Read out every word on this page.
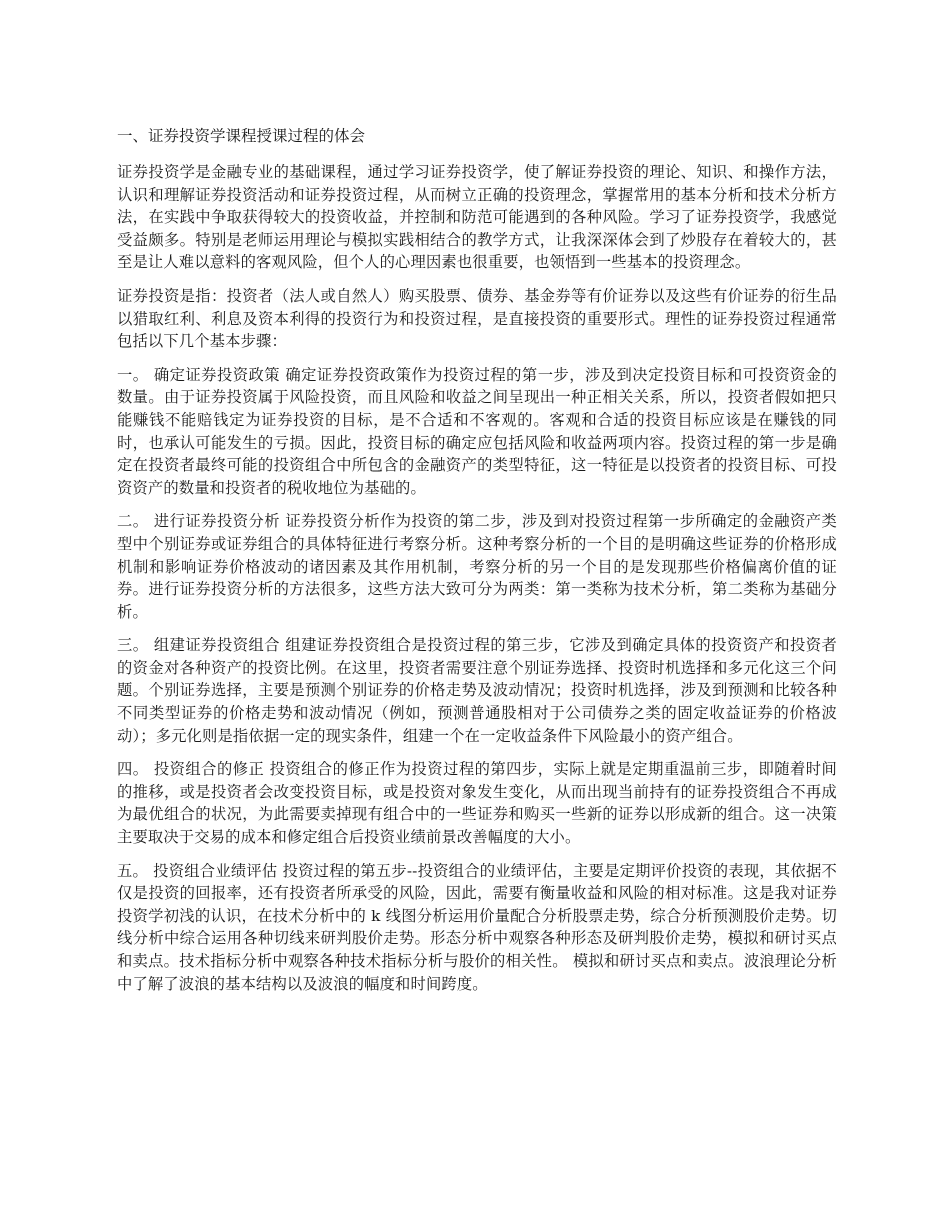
一、证券投资学课程授课过程的体会

证券投资学是金融专业的基础课程，通过学习证券投资学，使了解证券投资的理论、知识、和操作方法，认识和理解证券投资活动和证券投资过程，从而树立正确的投资理念，掌握常用的基本分析和技术分析方法，在实践中争取获得较大的投资收益，并控制和防范可能遇到的各种风险。学习了证券投资学，我感觉受益颇多。特别是老师运用理论与模拟实践相结合的教学方式，让我深深体会到了炒股存在着较大的，甚至是让人难以意料的客观风险，但个人的心理因素也很重要，也领悟到一些基本的投资理念。

证券投资是指：投资者（法人或自然人）购买股票、债券、基金券等有价证券以及这些有价证券的衍生品以猎取红利、利息及资本利得的投资行为和投资过程，是直接投资的重要形式。理性的证券投资过程通常包括以下几个基本步骤：

一。 确定证券投资政策 确定证券投资政策作为投资过程的第一步，涉及到决定投资目标和可投资资金的数量。由于证券投资属于风险投资，而且风险和收益之间呈现出一种正相关关系，所以，投资者假如把只能赚钱不能赔钱定为证券投资的目标，是不合适和不客观的。客观和合适的投资目标应该是在赚钱的同时，也承认可能发生的亏损。因此，投资目标的确定应包括风险和收益两项内容。投资过程的第一步是确定在投资者最终可能的投资组合中所包含的金融资产的类型特征，这一特征是以投资者的投资目标、可投资资产的数量和投资者的税收地位为基础的。

二。 进行证券投资分析 证券投资分析作为投资的第二步，涉及到对投资过程第一步所确定的金融资产类型中个别证券或证券组合的具体特征进行考察分析。这种考察分析的一个目的是明确这些证券的价格形成机制和影响证券价格波动的诸因素及其作用机制，考察分析的另一个目的是发现那些价格偏离价值的证券。进行证券投资分析的方法很多，这些方法大致可分为两类：第一类称为技术分析，第二类称为基础分析。

三。 组建证券投资组合 组建证券投资组合是投资过程的第三步，它涉及到确定具体的投资资产和投资者的资金对各种资产的投资比例。在这里，投资者需要注意个别证券选择、投资时机选择和多元化这三个问题。个别证券选择，主要是预测个别证券的价格走势及波动情况；投资时机选择，涉及到预测和比较各种不同类型证券的价格走势和波动情况（例如，预测普通股相对于公司债券之类的固定收益证券的价格波动）；多元化则是指依据一定的现实条件，组建一个在一定收益条件下风险最小的资产组合。

四。 投资组合的修正 投资组合的修正作为投资过程的第四步，实际上就是定期重温前三步，即随着时间的推移，或是投资者会改变投资目标，或是投资对象发生变化，从而出现当前持有的证券投资组合不再成为最优组合的状况，为此需要卖掉现有组合中的一些证券和购买一些新的证券以形成新的组合。这一决策主要取决于交易的成本和修定组合后投资业绩前景改善幅度的大小。

五。 投资组合业绩评估 投资过程的第五步--投资组合的业绩评估，主要是定期评价投资的表现，其依据不仅是投资的回报率，还有投资者所承受的风险，因此，需要有衡量收益和风险的相对标准。这是我对证券投资学初浅的认识，在技术分析中的 k 线图分析运用价量配合分析股票走势，综合分析预测股价走势。切线分析中综合运用各种切线来研判股价走势。形态分析中观察各种形态及研判股价走势，模拟和研讨买点和卖点。技术指标分析中观察各种技术指标分析与股价的相关性。 模拟和研讨买点和卖点。波浪理论分析中了解了波浪的基本结构以及波浪的幅度和时间跨度。
